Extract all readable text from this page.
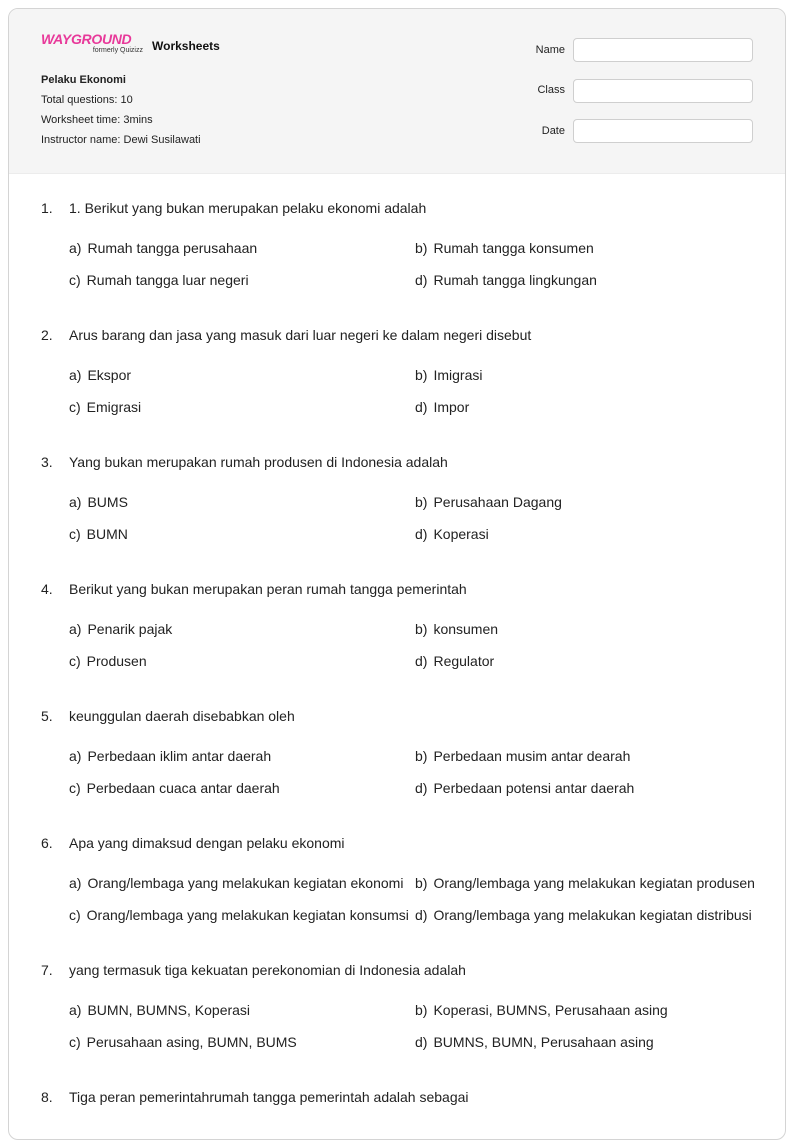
WAYGROUND
formerly Quizizz Worksheets
Pelaku Ekonomi
Total questions: 10
Worksheet time: 3mins
Instructor name: Dewi Susilawati
Name
Class
Date
1. 1. Berikut yang bukan merupakan pelaku ekonomi adalah
a) Rumah tangga perusahaan	b) Rumah tangga konsumen
c) Rumah tangga luar negeri	d) Rumah tangga lingkungan
2. Arus barang dan jasa yang masuk dari luar negeri ke dalam negeri disebut
a) Ekspor	b) Imigrasi
c) Emigrasi	d) Impor
3. Yang bukan merupakan rumah produsen di Indonesia adalah
a) BUMS	b) Perusahaan Dagang
c) BUMN	d) Koperasi
4. Berikut yang bukan merupakan peran rumah tangga pemerintah
a) Penarik pajak	b) konsumen
c) Produsen	d) Regulator
5. keunggulan daerah disebabkan oleh
a) Perbedaan iklim antar daerah	b) Perbedaan musim antar dearah
c) Perbedaan cuaca antar daerah	d) Perbedaan potensi antar daerah
6. Apa yang dimaksud dengan pelaku ekonomi
a) Orang/lembaga yang melakukan kegiatan ekonomi b) Orang/lembaga yang melakukan kegiatan produsen
c) Orang/lembaga yang melakukan kegiatan konsumsi d) Orang/lembaga yang melakukan kegiatan distribusi
7. yang termasuk tiga kekuatan perekonomian di Indonesia adalah
a) BUMN, BUMNS, Koperasi	b) Koperasi, BUMNS, Perusahaan asing
c) Perusahaan asing, BUMN, BUMS	d) BUMNS, BUMN, Perusahaan asing
8. Tiga peran pemerintahrumah tangga pemerintah adalah sebagai
